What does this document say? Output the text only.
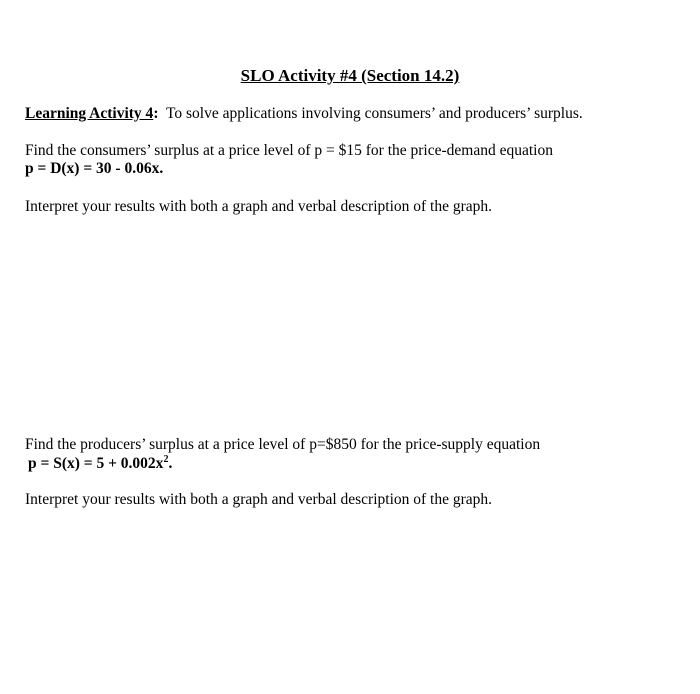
SLO Activity #4 (Section 14.2)
Learning Activity 4: To solve applications involving consumers’ and producers’ surplus.
Find the consumers’ surplus at a price level of p = $15 for the price-demand equation
p = D(x) = 30 - 0.06x.
Interpret your results with both a graph and verbal description of the graph.
Find the producers’ surplus at a price level of p=$850 for the price-supply equation
$p = S(x) = 5 + 0.002x^2$.
Interpret your results with both a graph and verbal description of the graph.
